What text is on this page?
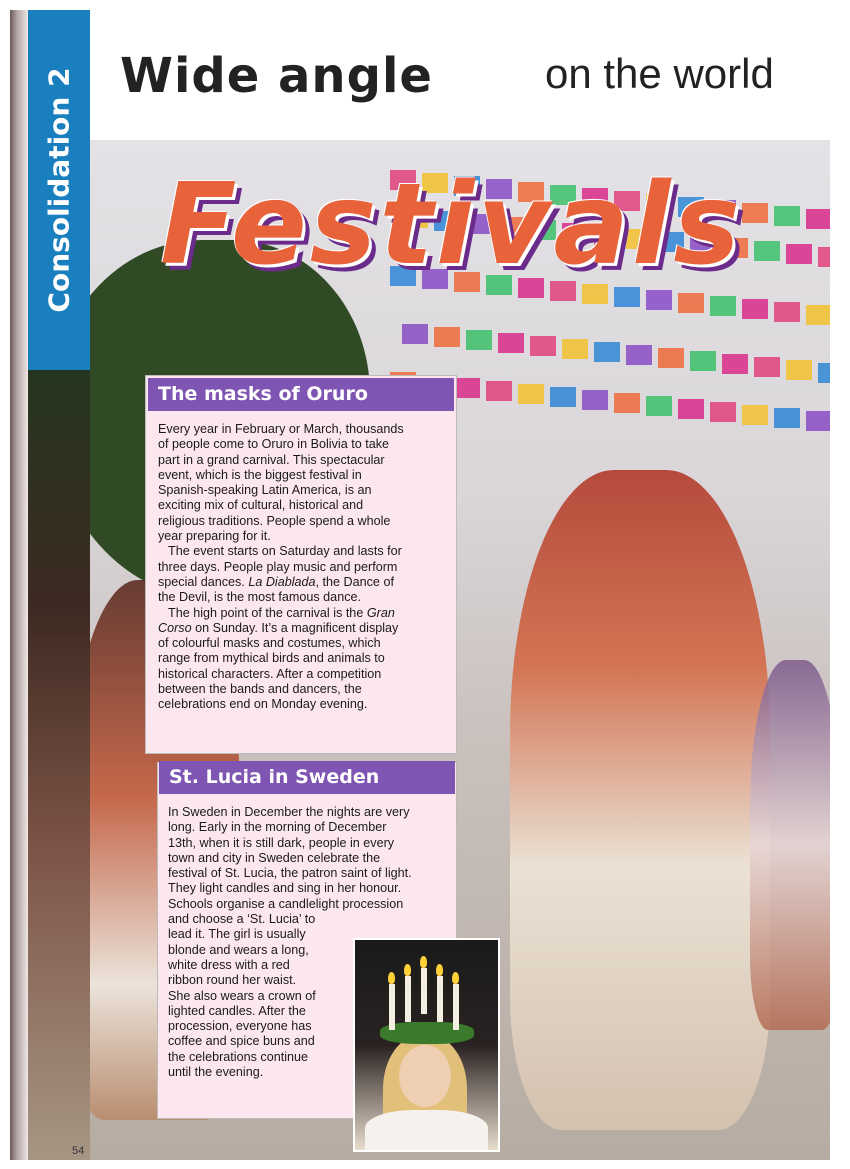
Wide angle	on the world
Consolidation 2 Festivals
The masks of Oruro

Every year in February or March, thousands

of people come to Oruro in Bolivia to take

part in a grand carnival. This spectacular

event, which is the biggest festival in

Spanish-speaking Latin America, is an

exciting mix of cultural, historical and

religious traditions. People spend a whole

year preparing for it.

The event starts on Saturday and lasts for

three days. People play music and perform

special dances. La Diablada, the Dance of

the Devil, is the most famous dance.

The high point of the carnival is the Gran

Corso on Sunday. It’s a magnificent display

of colourful masks and costumes, which

range from mythical birds and animals to

historical characters. After a competition

between the bands and dancers, the

celebrations end on Monday evening.

St. Lucia in Sweden

In Sweden in December the nights are very

long. Early in the morning of December

13th, when it is still dark, people in every

town and city in Sweden celebrate the

festival of St. Lucia, the patron saint of light.

They light candles and sing in her honour.

Schools organise a candlelight procession

and choose a ‘St. Lucia’ to

lead it. The girl is usually

blonde and wears a long,

white dress with a red

ribbon round her waist.

She also wears a crown of

lighted candles. After the

procession, everyone has

coffee and spice buns and

the celebrations continue

until the evening.

54
